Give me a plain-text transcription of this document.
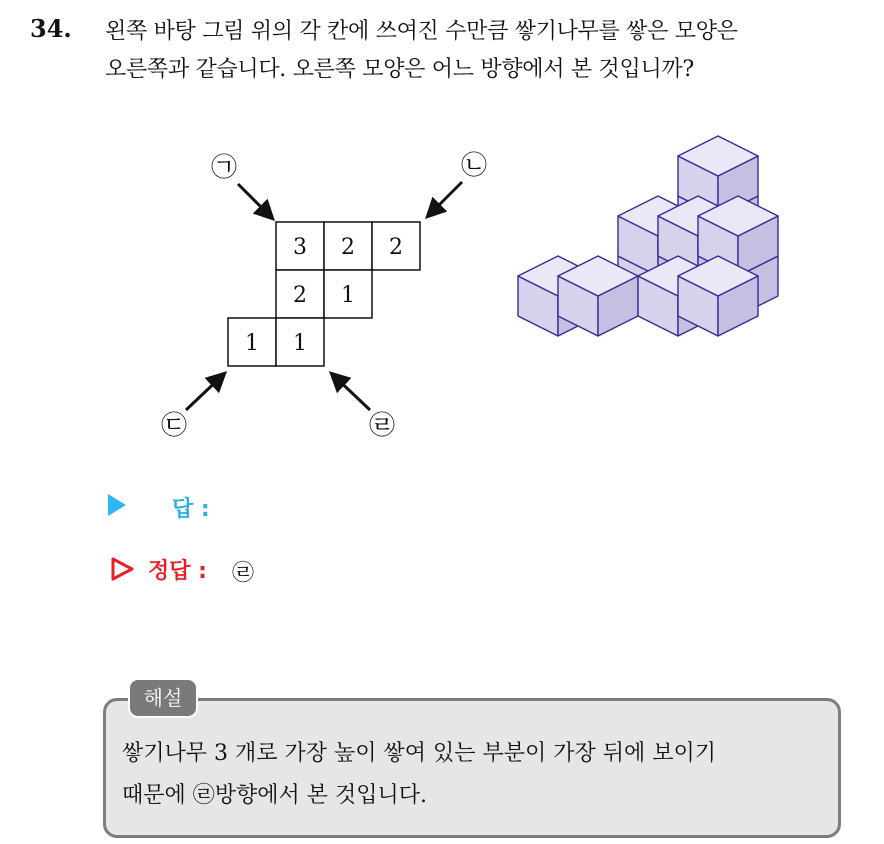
34. 왼쪽 바탕 그림 위의 각 칸에 쓰여진 수만큼 쌓기나무를 쌓은 모양은
오른쪽과 같습니다. 오른쪽 모양은 어느 방향에서 본 것입니까?
3 2 2
2 1
1 1
㉠	㉡
㉢	㉣
답 :
정답 : ㉣
해설
쌓기나무 3 개로 가장 높이 쌓여 있는 부분이 가장 뒤에 보이기
때문에 ㉣방향에서 본 것입니다.
